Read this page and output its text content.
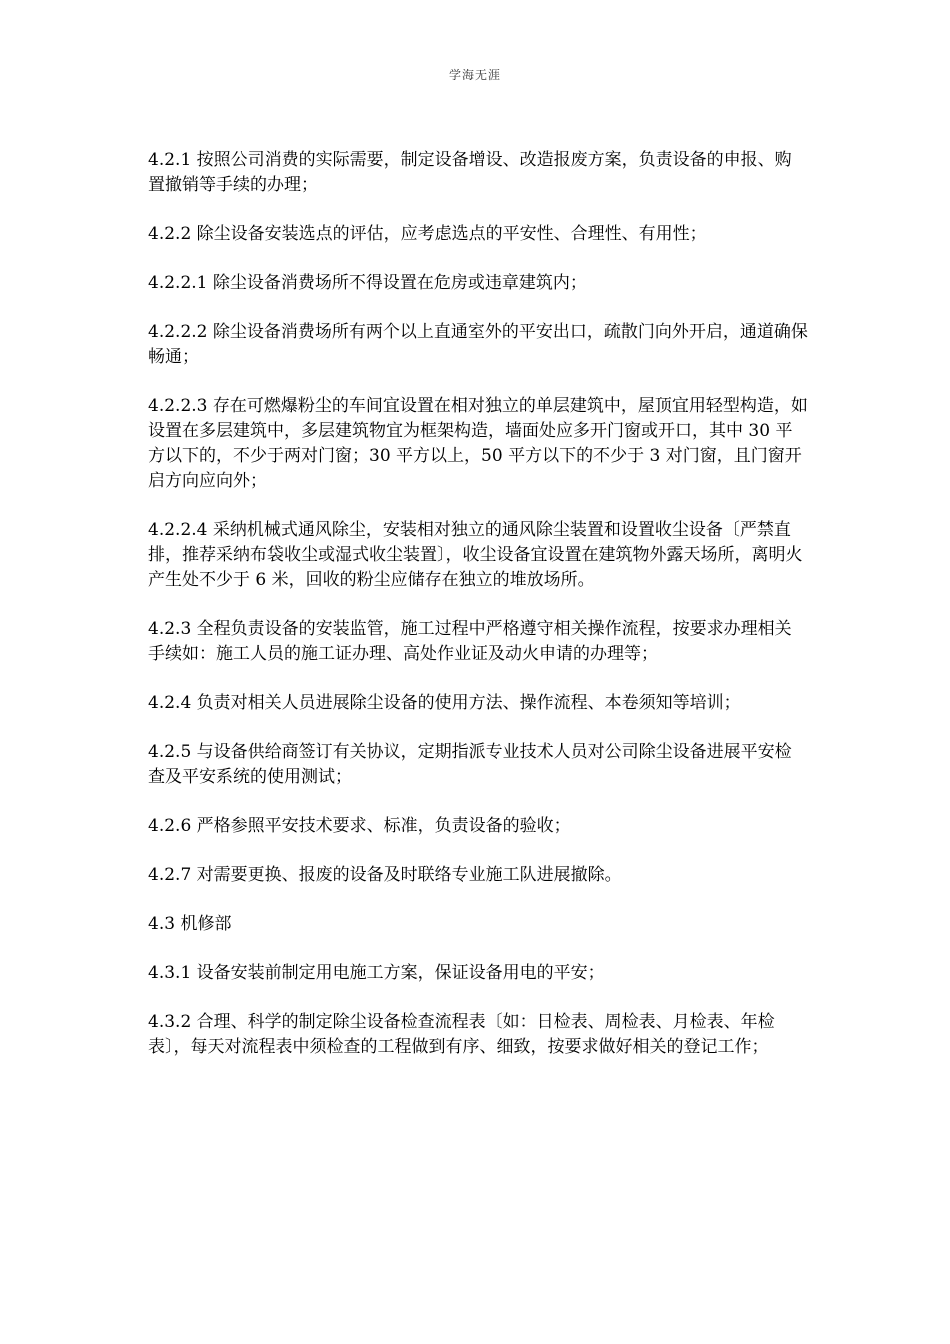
学海无涯

4.2.1 按照公司消费的实际需要，制定设备增设、改造报废方案，负责设备的申报、购置撤销等手续的办理；

4.2.2 除尘设备安装选点的评估，应考虑选点的平安性、合理性、有用性；

4.2.2.1 除尘设备消费场所不得设置在危房或违章建筑内；

4.2.2.2 除尘设备消费场所有两个以上直通室外的平安出口，疏散门向外开启，通道确保畅通；

4.2.2.3 存在可燃爆粉尘的车间宜设置在相对独立的单层建筑中，屋顶宜用轻型构造，如设置在多层建筑中，多层建筑物宜为框架构造，墙面处应多开门窗或开口，其中 30 平方以下的，不少于两对门窗；30 平方以上，50 平方以下的不少于 3 对门窗，且门窗开启方向应向外；

4.2.2.4 采纳机械式通风除尘，安装相对独立的通风除尘装置和设置收尘设备〔严禁直排，推荐采纳布袋收尘或湿式收尘装置〕，收尘设备宜设置在建筑物外露天场所，离明火产生处不少于 6 米，回收的粉尘应储存在独立的堆放场所。

4.2.3 全程负责设备的安装监管，施工过程中严格遵守相关操作流程，按要求办理相关手续如：施工人员的施工证办理、高处作业证及动火申请的办理等；

4.2.4 负责对相关人员进展除尘设备的使用方法、操作流程、本卷须知等培训；

4.2.5 与设备供给商签订有关协议，定期指派专业技术人员对公司除尘设备进展平安检查及平安系统的使用测试；

4.2.6 严格参照平安技术要求、标准，负责设备的验收；

4.2.7 对需要更换、报废的设备及时联络专业施工队进展撤除。

4.3 机修部

4.3.1 设备安装前制定用电施工方案，保证设备用电的平安；

4.3.2 合理、科学的制定除尘设备检查流程表〔如：日检表、周检表、月检表、年检表〕，每天对流程表中须检查的工程做到有序、细致，按要求做好相关的登记工作；
